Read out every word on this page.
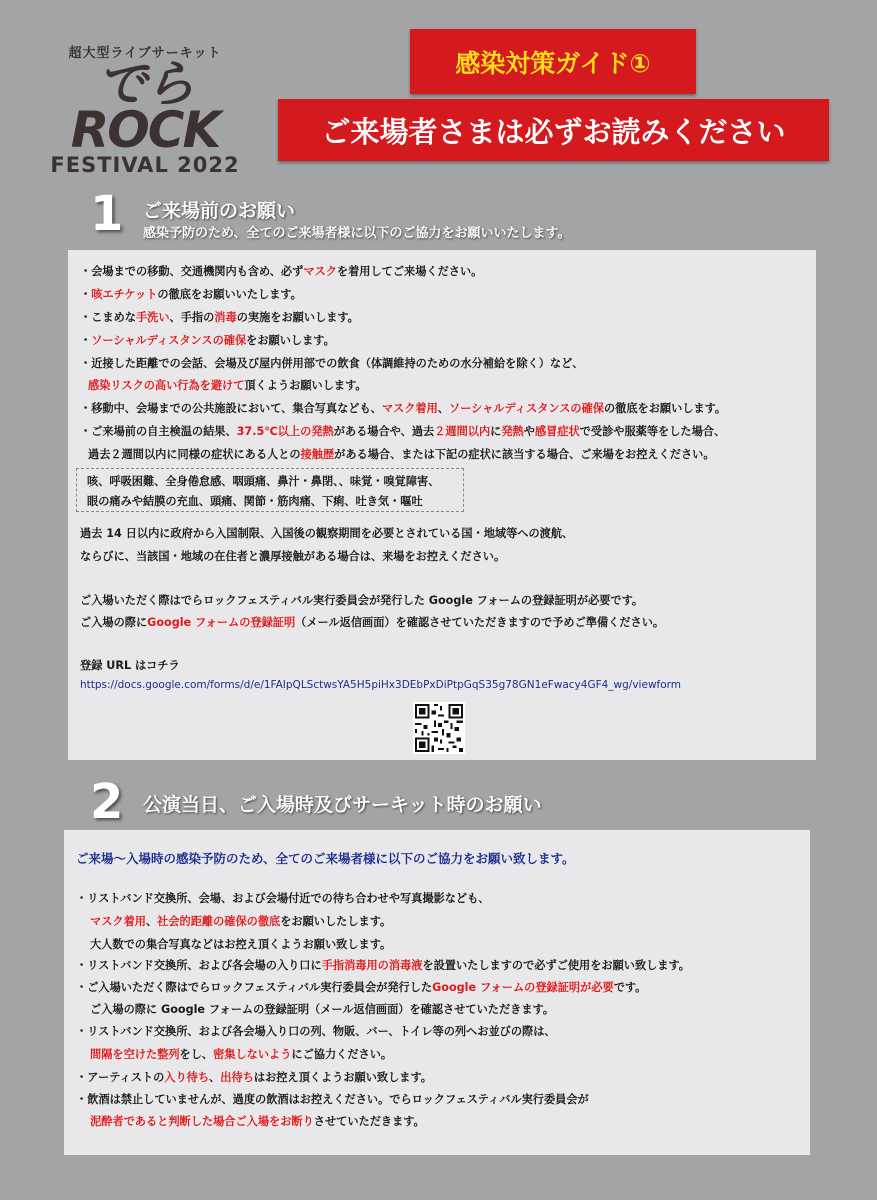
超大型ライブサーキット
でらROCK
FESTIVAL 2022
感染対策ガイド①
ご来場者さまは必ずお読みください
1 ご来場前のお願い
感染予防のため、全てのご来場者様に以下のご協力をお願いいたします。
・会場までの移動、交通機関内も含め、必ずマスクを着用してご来場ください。
・咳エチケットの徹底をお願いいたします。
・こまめな手洗い、手指の消毒の実施をお願いします。
・ソーシャルディスタンスの確保をお願いします。
・近接した距離での会話、会場及び屋内併用部での飲食（体調維持のための水分補給を除く）など、
感染リスクの高い行為を避けて頂くようお願いします。
・移動中、会場までの公共施設において、集合写真なども、マスク着用、ソーシャルディスタンスの確保の徹底をお願いします。
・ご来場前の自主検温の結果、37.5℃以上の発熱がある場合や、過去２週間以内に発熱や感冒症状で受診や服薬等をした場合、
過去２週間以内に同様の症状にある人との接触歴がある場合、または下記の症状に該当する場合、ご来場をお控えください。
咳、呼吸困難、全身倦怠感、咽頭痛、鼻汁・鼻閉、、味覚・嗅覚障害、
眼の痛みや結膜の充血、頭痛、関節・筋肉痛、下痢、吐き気・嘔吐
過去 14 日以内に政府から入国制限、入国後の観察期間を必要とされている国・地域等への渡航、
ならびに、当該国・地域の在住者と濃厚接触がある場合は、来場をお控えください。
ご入場いただく際はでらロックフェスティバル実行委員会が発行した Google フォームの登録証明が必要です。
ご入場の際にGoogle フォームの登録証明（メール返信画面）を確認させていただきますので予めご準備ください。
登録 URL はコチラ
https://docs.google.com/forms/d/e/1FAIpQLSctwsYA5H5piHx3DEbPxDiPtpGqS35g78GN1eFwacy4GF4_wg/viewform
2 公演当日、ご入場時及びサーキット時のお願い
ご来場〜入場時の感染予防のため、全てのご来場者様に以下のご協力をお願い致します。
・リストバンド交換所、会場、および会場付近での待ち合わせや写真撮影なども、
マスク着用、社会的距離の確保の徹底をお願いしたします。
大人数での集合写真などはお控え頂くようお願い致します。
・リストバンド交換所、および各会場の入り口に手指消毒用の消毒液を設置いたしますので必ずご使用をお願い致します。
・ご入場いただく際はでらロックフェスティバル実行委員会が発行したGoogle フォームの登録証明が必要です。
ご入場の際に Google フォームの登録証明（メール返信画面）を確認させていただきます。
・リストバンド交換所、および各会場入り口の列、物販、バー、トイレ等の列へお並びの際は、
間隔を空けた整列をし、密集しないようにご協力ください。
・アーティストの入り待ち、出待ちはお控え頂くようお願い致します。
・飲酒は禁止していませんが、過度の飲酒はお控えください。でらロックフェスティバル実行委員会が
泥酔者であると判断した場合ご入場をお断りさせていただきます。
